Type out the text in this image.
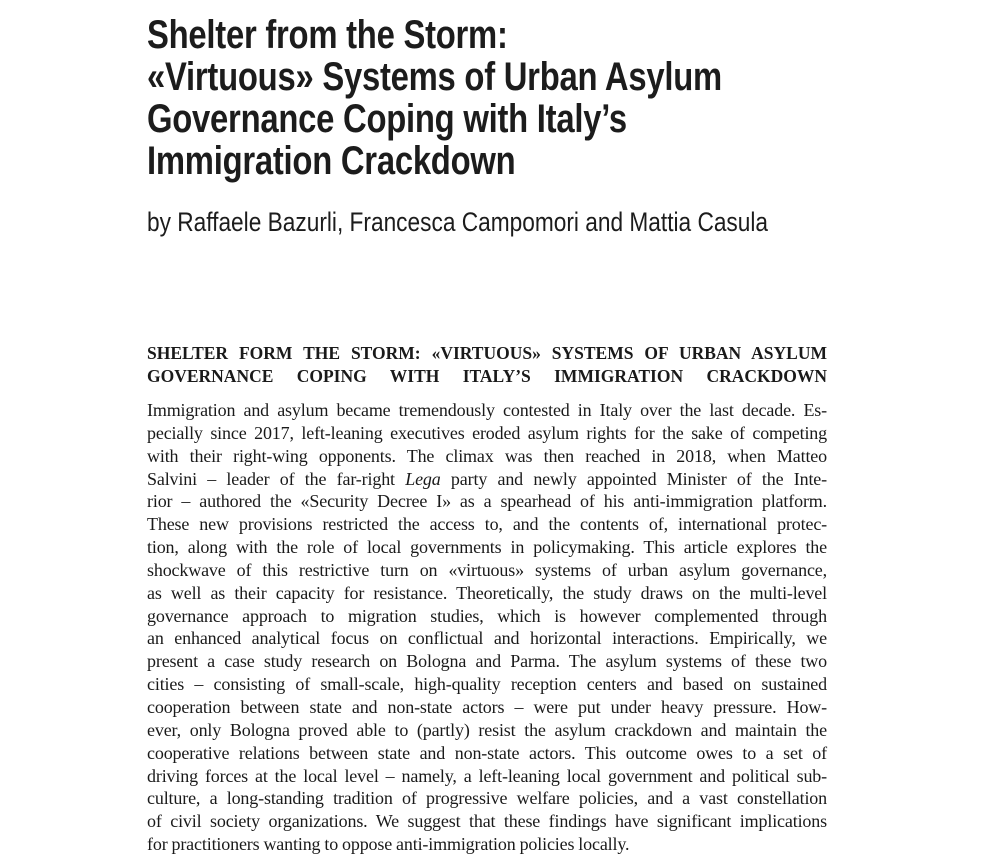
Shelter from the Storm:
«Virtuous» Systems of Urban Asylum
Governance Coping with Italy’s
Immigration Crackdown

by Raffaele Bazurli, Francesca Campomori and Mattia Casula

SHELTER FORM THE STORM: «VIRTUOUS» SYSTEMS OF URBAN ASYLUM
GOVERNANCE COPING WITH ITALY’S IMMIGRATION CRACKDOWN
Immigration and asylum became tremendously contested in Italy over the last decade. Es-
pecially since 2017, left-leaning executives eroded asylum rights for the sake of competing
with their right-wing opponents. The climax was then reached in 2018, when Matteo
Salvini – leader of the far-right Lega party and newly appointed Minister of the Inte-
rior – authored the «Security Decree I» as a spearhead of his anti-immigration platform.
These new provisions restricted the access to, and the contents of, international protec-
tion, along with the role of local governments in policymaking. This article explores the
shockwave of this restrictive turn on «virtuous» systems of urban asylum governance,
as well as their capacity for resistance. Theoretically, the study draws on the multi-level
governance approach to migration studies, which is however complemented through
an enhanced analytical focus on conflictual and horizontal interactions. Empirically, we
present a case study research on Bologna and Parma. The asylum systems of these two
cities – consisting of small-scale, high-quality reception centers and based on sustained
cooperation between state and non-state actors – were put under heavy pressure. How-
ever, only Bologna proved able to (partly) resist the asylum crackdown and maintain the
cooperative relations between state and non-state actors. This outcome owes to a set of
driving forces at the local level – namely, a left-leaning local government and political sub-
culture, a long-standing tradition of progressive welfare policies, and a vast constellation
of civil society organizations. We suggest that these findings have significant implications
for practitioners wanting to oppose anti-immigration policies locally.
